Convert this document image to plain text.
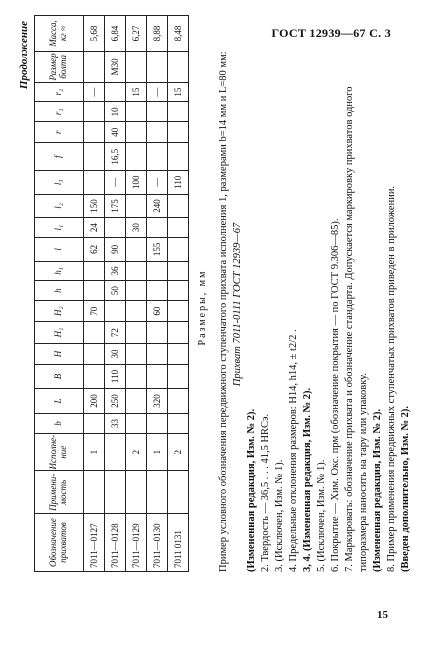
ГОСТ 12939—67 С. 3
Продолжение
Обозначение прихватов	Примени-мость	Исполне-ние	b	L	B	H	H₁	H₂	h	h₁	l	l₁	l₂	l₃	f	r	r₁	r₂	Размер болта	Масса, кг ≈
7011—0127		1		200				70			62	24	150					—		5,68
7011—0128			33	250	110	30	72		50	36	90		175	—	16,5	40	10		М30	6,84
7011—0129		2										30		100				15		6,27
7011—0130		1		320				60			155		240	—				—		8,88
7011 0131		2												110				15		8,48
Размеры, мм Пример условного обозначения передвижного ступенчатого прихвата исполнения 1, размерами b=14 мм и L=80 мм: Прихват 7011-0111 ГОСТ 12939—67

(Измененная редакция, Изм. № 2). 2. Твердость — 36,5 . . . 41,5 HRCэ. 3. (Исключен, Изм. № 1). 4. Предельные отклонения размеров: Н14, h14, ± t2/2 . 3, 4. (Измененная редакция, Изм. № 2). 5. (Исключен, Изм. № 1). 6. Покрытие — Хим. Окс. прм (обозначение покрытия — по ГОСТ 9.306—85). 7. Маркировать: обозначение прихвата и обозначение стандарта. Допускается маркировку прихватов одного типоразмера наносить на тару или упаковку. (Измененная редакция, Изм. № 2). 8. Пример применения передвижных ступенчатых прихватов приведен в приложении. (Введен дополнительно, Изм. № 2).

15
